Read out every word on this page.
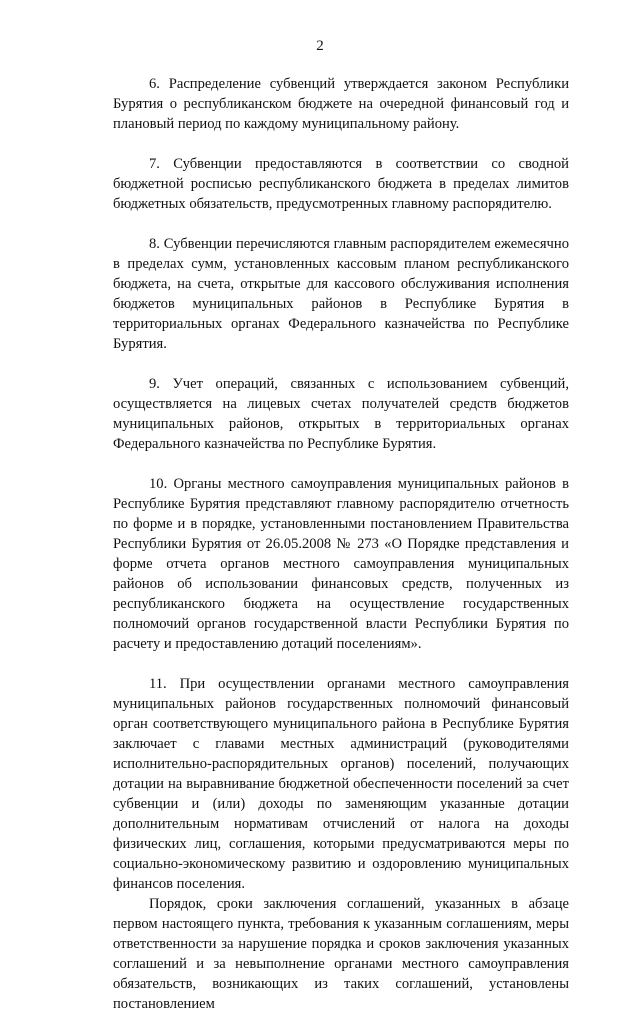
2

6. Распределение субвенций утверждается законом Республики Бурятия о республиканском бюджете на очередной финансовый год и плановый период по каждому муниципальному району.

7. Субвенции предоставляются в соответствии со сводной бюджетной росписью республиканского бюджета в пределах лимитов бюджетных обязательств, предусмотренных главному распорядителю.

8. Субвенции перечисляются главным распорядителем ежемесячно в пределах сумм, установленных кассовым планом республиканского бюджета, на счета, открытые для кассового обслуживания исполнения бюджетов муниципальных районов в Республике Бурятия в территориальных органах Федерального казначейства по Республике Бурятия.

9. Учет операций, связанных с использованием субвенций, осуществляется на лицевых счетах получателей средств бюджетов муниципальных районов, открытых в территориальных органах Федерального казначейства по Республике Бурятия.

10. Органы местного самоуправления муниципальных районов в Республике Бурятия представляют главному распорядителю отчетность по форме и в порядке, установленными постановлением Правительства Республики Бурятия от 26.05.2008 № 273 «О Порядке представления и форме отчета органов местного самоуправления муниципальных районов об использовании финансовых средств, полученных из республиканского бюджета на осуществление государственных полномочий органов государственной власти Республики Бурятия по расчету и предоставлению дотаций поселениям».

11. При осуществлении органами местного самоуправления муниципальных районов государственных полномочий финансовый орган соответствующего муниципального района в Республике Бурятия заключает с главами местных администраций (руководителями исполнительно-распорядительных органов) поселений, получающих дотации на выравнивание бюджетной обеспеченности поселений за счет субвенции и (или) доходы по заменяющим указанные дотации дополнительным нормативам отчислений от налога на доходы физических лиц, соглашения, которыми предусматриваются меры по социально-экономическому развитию и оздоровлению муниципальных финансов поселения.

Порядок, сроки заключения соглашений, указанных в абзаце первом настоящего пункта, требования к указанным соглашениям, меры ответственности за нарушение порядка и сроков заключения указанных соглашений и за невыполнение органами местного самоуправления обязательств, возникающих из таких соглашений, установлены постановлением
